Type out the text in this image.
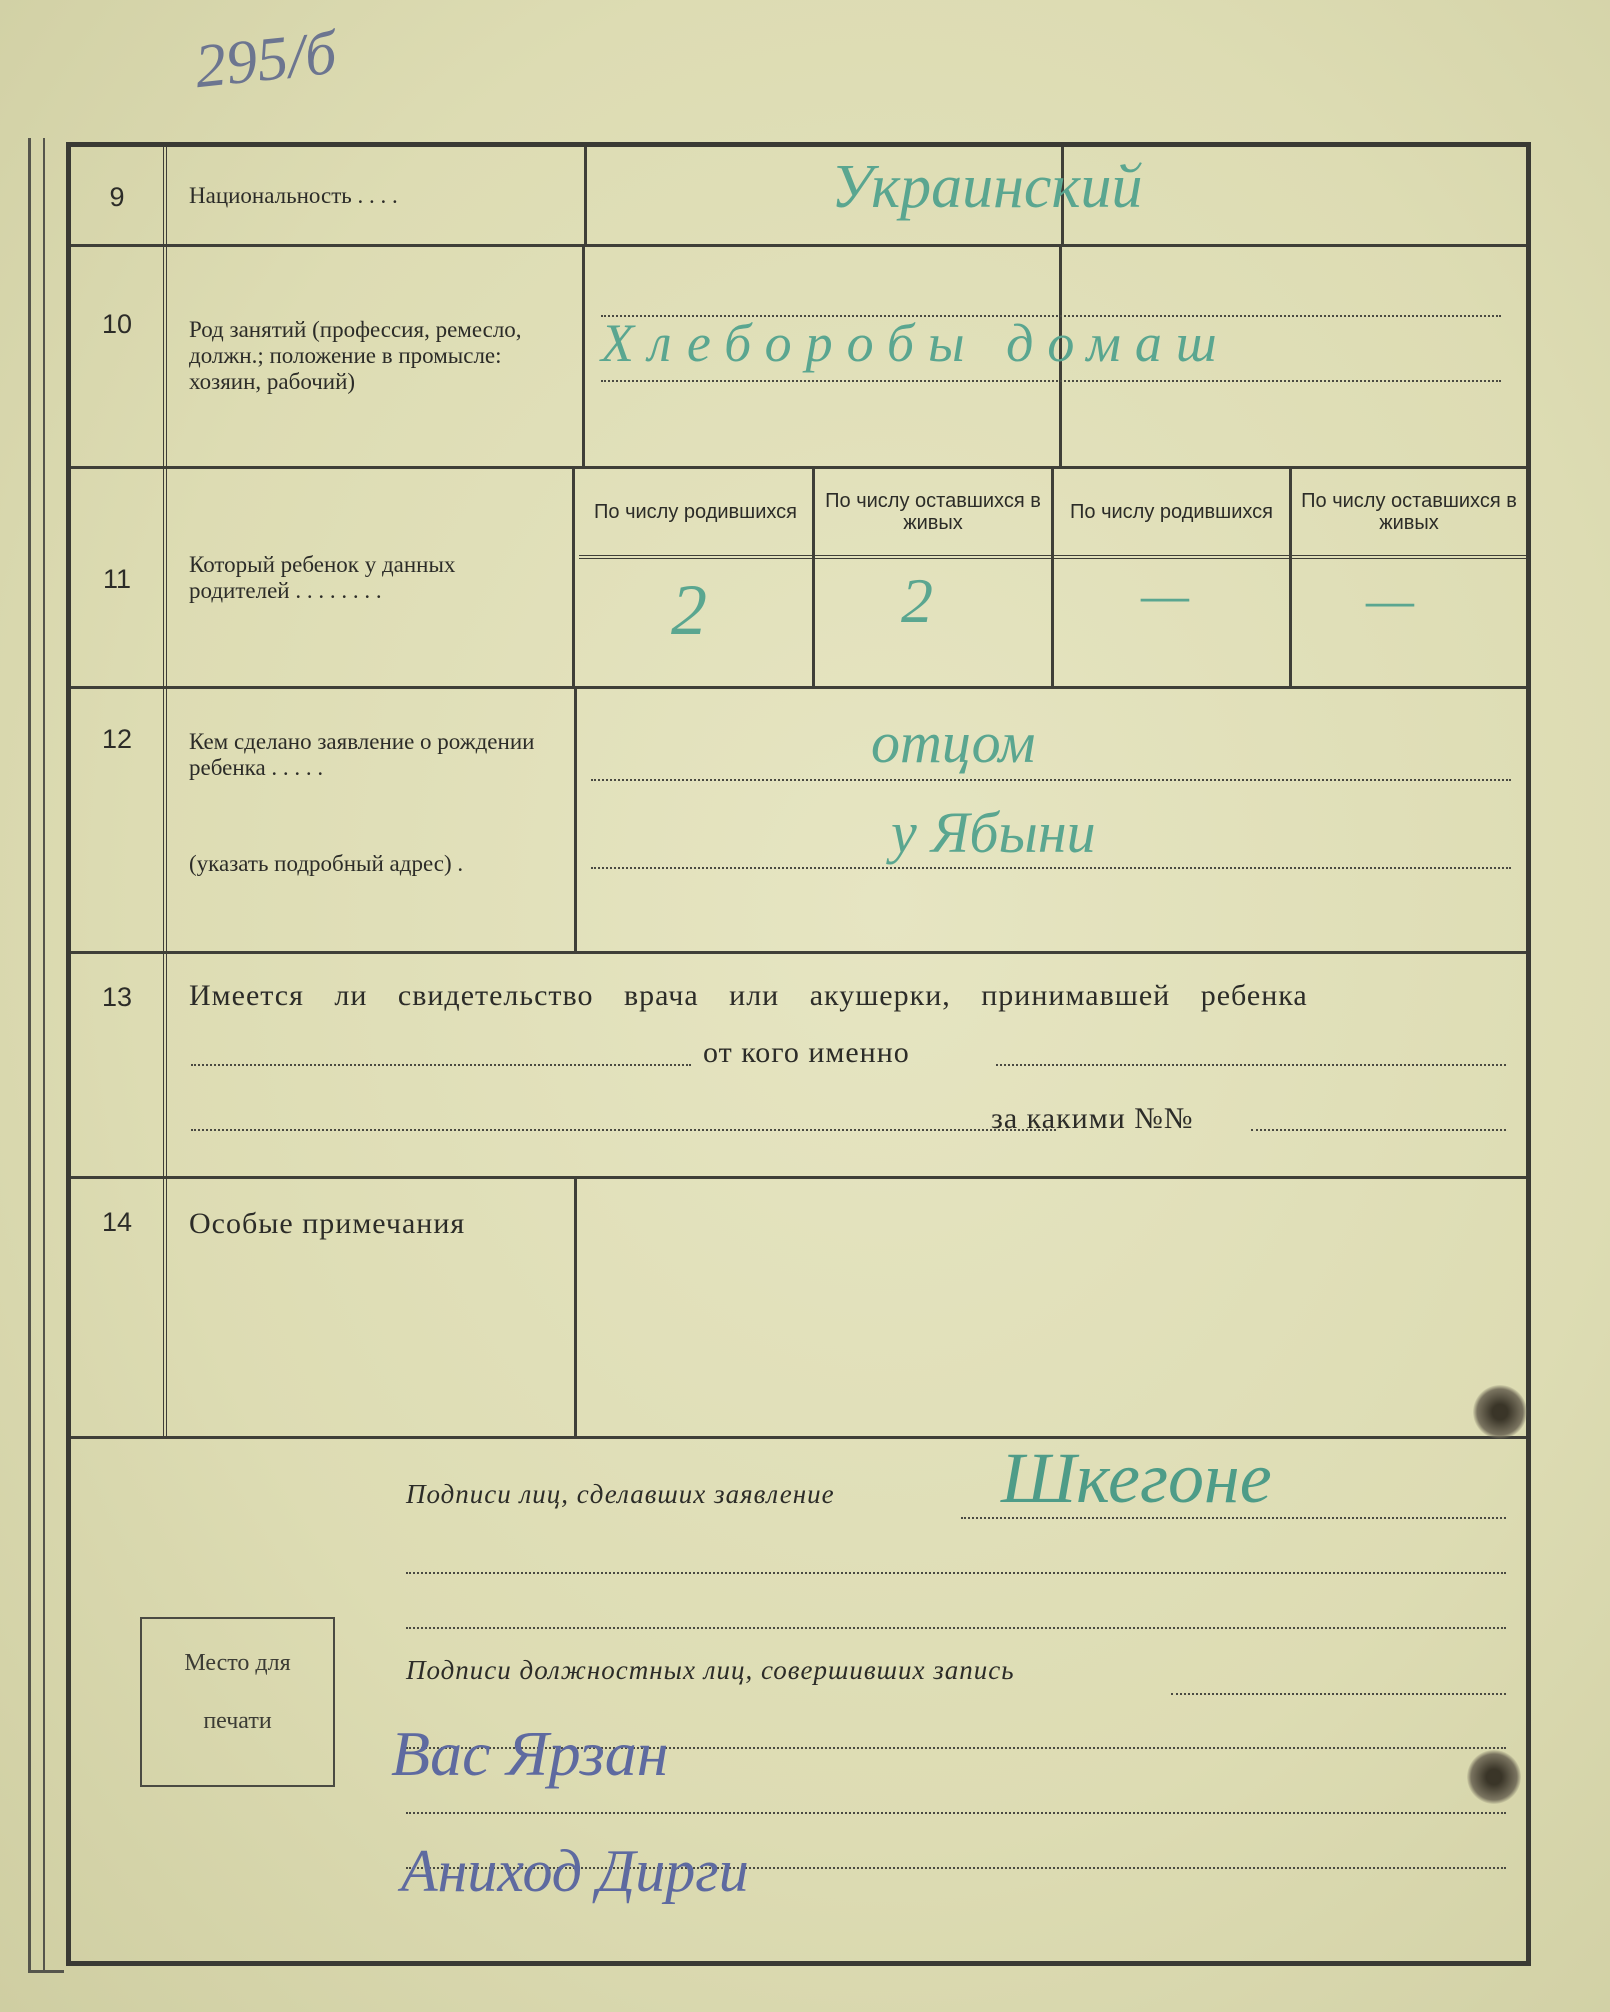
295/б
9	Национальность . . . .	Украинский
10	Род занятий (профессия, ремесло, должн.; положение в промысле: хозяин, рабочий)
Хлеборобы домаш
11	Который ребенок у данных родителей . . . . . . . .
По числу родившихся	По числу оставшихся в живых	По числу родившихся	По числу оставшихся в живых
2	2	—	—
12	Кем сделано заявление о рождении ребенка . . . . .
(указать подробный адрес) .
отцом
у Ябыни
13	Имеется ли свидетельство врача или акушерки, принимавшей ребенка
от кого именно
за какими №№
14	Особые примечания
Подписи лиц, сделавших заявление Шкегоне
Подписи должностных лиц, совершивших запись
Вас Ярзан
Аниход Дирги
Место для
печати
